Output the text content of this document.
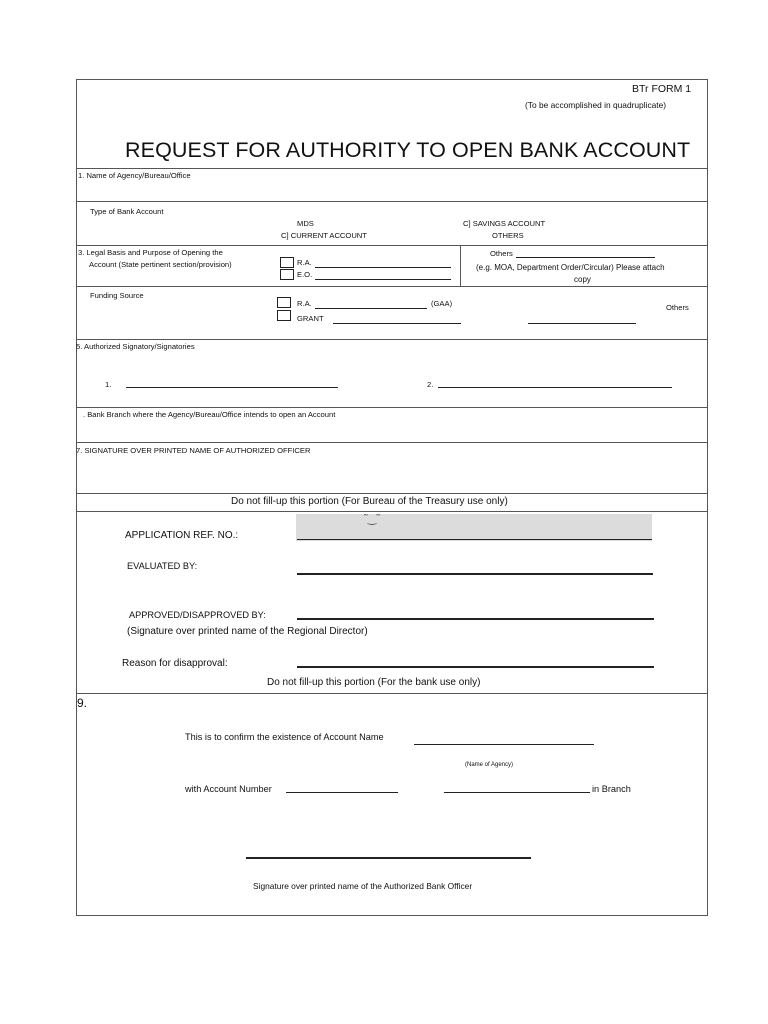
BTr FORM 1
(To be accomplished in quadruplicate)
REQUEST FOR AUTHORITY TO OPEN BANK ACCOUNT
1. Name of Agency/Bureau/Office
Type of Bank Account
MDS
C] CURRENT ACCOUNT
C] SAVINGS ACCOUNT
OTHERS
3. Legal Basis and Purpose of Opening the
Account (State pertinent section/provision)	R.A.
E.O.
Others
(e.g. MOA, Department Order/Circular) Please attach
copy
Funding Source
R.A.	(GAA)
GRANT
Others
5. Authorized Signatory/Signatories
1.	2.
. Bank Branch where the Agency/Bureau/Office intends to open an Account
7. SIGNATURE OVER PRINTED NAME OF AUTHORIZED OFFICER
Do not fill-up this portion (For Bureau of the Treasury use only)
˜‿˜
APPLICATION REF. NO.:
EVALUATED BY:
APPROVED/DISAPPROVED BY:
(Signature over printed name of the Regional Director)
Reason for disapproval:
Do not fill-up this portion (For the bank use only)
9.
This is to confirm the existence of Account Name
(Name of Agency)
with Account Number	in Branch
Signature over printed name of the Authorized Bank Officer
